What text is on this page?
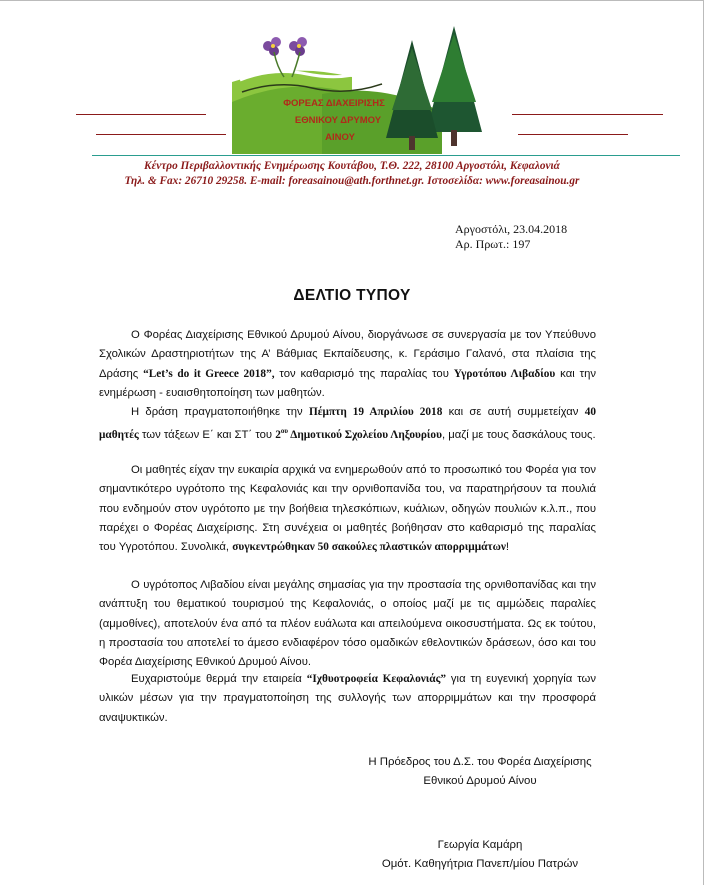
ΦΟΡΕΑΣ ΔΙΑΧΕΙΡΙΣΗΣ
ΕΘΝΙΚΟΥ ΔΡΥΜΟΥ
ΑΙΝΟΥ
Κέντρο Περιβαλλοντικής Ενημέρωσης Κουτάβου, Τ.Θ. 222, 28100 Αργοστόλι, Κεφαλονιά
Τηλ. & Fax: 26710 29258. E-mail: foreasainou@ath.forthnet.gr. Ιστοσελίδα: www.foreasainou.gr
Αργοστόλι, 23.04.2018
Αρ. Πρωτ.: 197
ΔΕΛΤΙΟ ΤΥΠΟΥ

Ο Φορέας Διαχείρισης Εθνικού Δρυμού Αίνου, διοργάνωσε σε συνεργασία με τον Υπεύθυνο Σχολικών Δραστηριοτήτων της Α’ Βάθμιας Εκπαίδευσης, κ. Γεράσιμο Γαλανό, στα πλαίσια της Δράσης “Let’s do it Greece 2018”, τον καθαρισμό της παραλίας του Υγροτόπου Λιβαδίου και την ενημέρωση - ευαισθητοποίηση των μαθητών.

Η δράση πραγματοποιήθηκε την Πέμπτη 19 Απριλίου 2018 και σε αυτή συμμετείχαν 40 μαθητές των τάξεων Ε΄ και ΣΤ΄ του $2^{o\upsilon}$ Δημοτικού Σχολείου Ληξουρίου, μαζί με τους δασκάλους τους.

Οι μαθητές είχαν την ευκαιρία αρχικά να ενημερωθούν από το προσωπικό του Φορέα για τον σημαντικότερο υγρότοπο της Κεφαλονιάς και την ορνιθοπανίδα του, να παρατηρήσουν τα πουλιά που ενδημούν στον υγρότοπο με την βοήθεια τηλεσκόπιων, κυάλιων, οδηγών πουλιών κ.λ.π., που παρέχει ο Φορέας Διαχείρισης. Στη συνέχεια οι μαθητές βοήθησαν στο καθαρισμό της παραλίας του Υγροτόπου. Συνολικά, συγκεντρώθηκαν 50 σακούλες πλαστικών απορριμμάτων!

Ο υγρότοπος Λιβαδίου είναι μεγάλης σημασίας για την προστασία της ορνιθοπανίδας και την ανάπτυξη του θεματικού τουρισμού της Κεφαλονιάς, ο οποίος μαζί με τις αμμώδεις παραλίες (αμμοθίνες), αποτελούν ένα από τα πλέον ευάλωτα και απειλούμενα οικοσυστήματα. Ως εκ τούτου, η προστασία του αποτελεί το άμεσο ενδιαφέρον τόσο ομαδικών εθελοντικών δράσεων, όσο και του Φορέα Διαχείρισης Εθνικού Δρυμού Αίνου.

Ευχαριστούμε θερμά την εταιρεία “Ιχθυοτροφεία Κεφαλονιάς” για τη ευγενική χορηγία των υλικών μέσων για την πραγματοποίηση της συλλογής των απορριμμάτων και την προσφορά αναψυκτικών.

Η Πρόεδρος του Δ.Σ. του Φορέα Διαχείρισης
Εθνικού Δρυμού Αίνου
Γεωργία Καμάρη
Ομότ. Καθηγήτρια Πανεπ/μίου Πατρών
